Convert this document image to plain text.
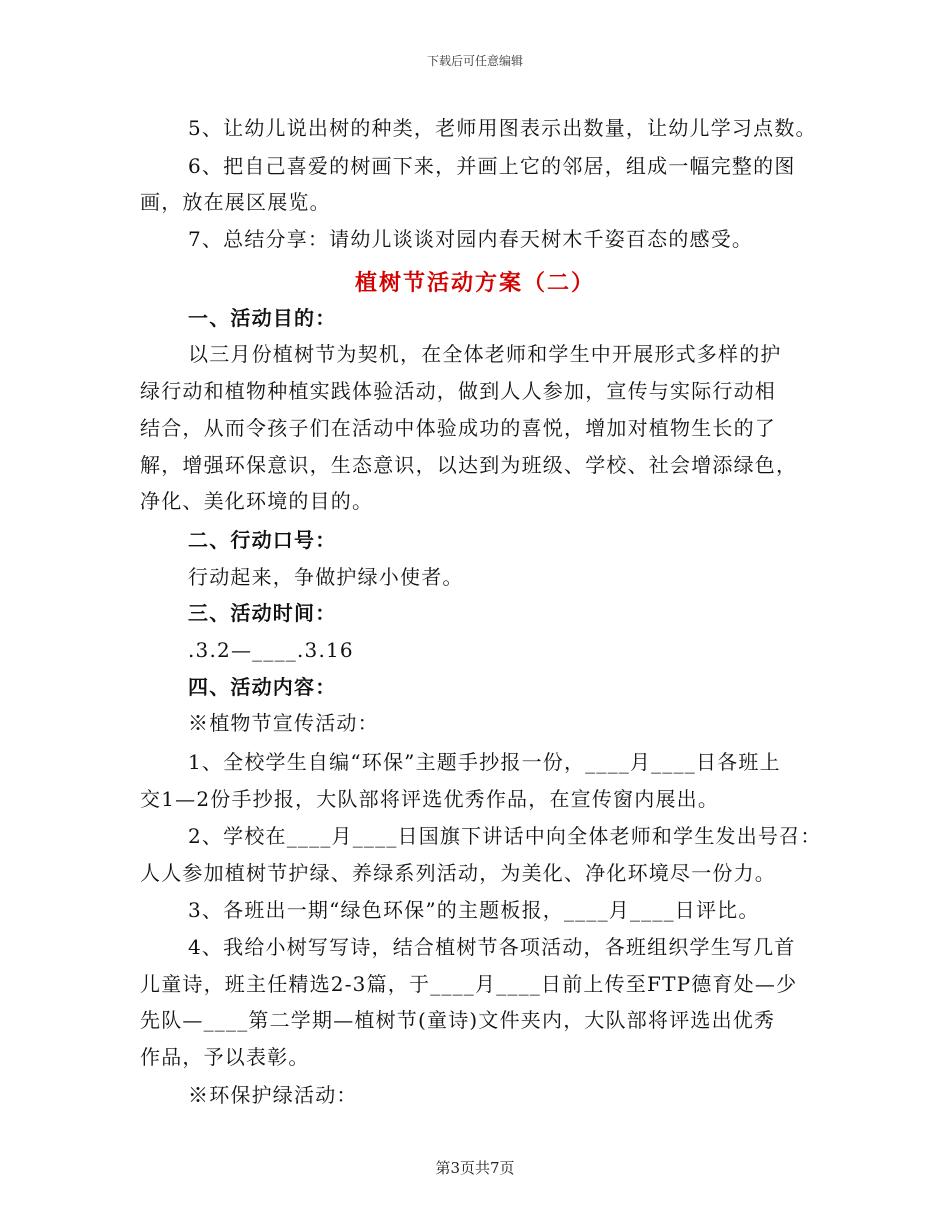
下载后可任意编辑
5、让幼儿说出树的种类，老师用图表示出数量，让幼儿学习点数。
6、把自己喜爱的树画下来，并画上它的邻居，组成一幅完整的图
画，放在展区展览。
7、总结分享：请幼儿谈谈对园内春天树木千姿百态的感受。
植树节活动方案（二）
一、活动目的：
以三月份植树节为契机，在全体老师和学生中开展形式多样的护
绿行动和植物种植实践体验活动，做到人人参加，宣传与实际行动相
结合，从而令孩子们在活动中体验成功的喜悦，增加对植物生长的了
解，增强环保意识，生态意识，以达到为班级、学校、社会增添绿色，
净化、美化环境的目的。
二、行动口号：
行动起来，争做护绿小使者。
三、活动时间：
.3.2—____.3.16
四、活动内容：
※植物节宣传活动：
1、全校学生自编“环保”主题手抄报一份，____月____日各班上
交1—2份手抄报，大队部将评选优秀作品，在宣传窗内展出。
2、学校在____月____日国旗下讲话中向全体老师和学生发出号召：
人人参加植树节护绿、养绿系列活动，为美化、净化环境尽一份力。
3、各班出一期“绿色环保”的主题板报，____月____日评比。
4、我给小树写写诗，结合植树节各项活动，各班组织学生写几首
儿童诗，班主任精选2-3篇，于____月____日前上传至FTP德育处—少
先队—____第二学期—植树节(童诗)文件夹内，大队部将评选出优秀
作品，予以表彰。
※环保护绿活动：
第3页共7页
